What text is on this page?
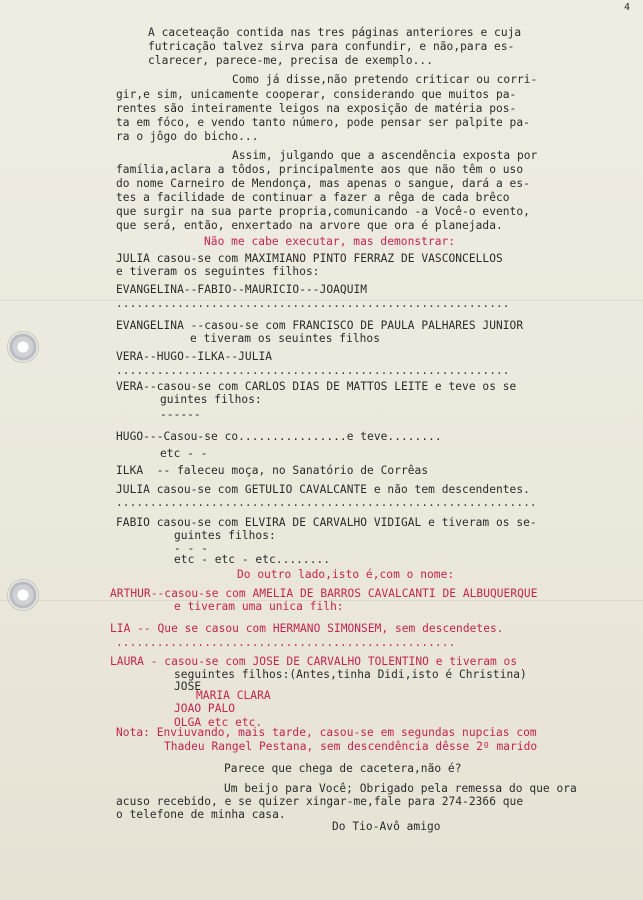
4
A caceteação contida nas tres páginas anteriores e cuja
futricação talvez sirva para confundir, e não,para es-
clarecer, parece-me, precisa de exemplo...
Como já disse,não pretendo criticar ou corri-
gir,e sim, unicamente cooperar, considerando que muitos pa-
rentes são inteiramente leigos na exposição de matéria pos-
ta em fóco, e vendo tanto número, pode pensar ser palpite pa-
ra o jôgo do bicho...
Assim, julgando que a ascendência exposta por
família,aclara a tôdos, principalmente aos que não têm o uso
do nome Carneiro de Mendonça, mas apenas o sangue, dará a es-
tes a facilidade de continuar a fazer a rêga de cada brêco
que surgir na sua parte propria,comunicando -a Você-o evento,
que será, então, enxertado na arvore que ora é planejada.
Não me cabe executar, mas demonstrar:
JULIA casou-se com MAXIMIANO PINTO FERRAZ DE VASCONCELLOS
e tiveram os seguintes filhos:
EVANGELINA--FABIO--MAURICIO---JOAQUIM
..........................................................
EVANGELINA --casou-se com FRANCISCO DE PAULA PALHARES JUNIOR
e tiveram os seuintes filhos
VERA--HUGO--ILKA--JULIA
..........................................................
VERA--casou-se com CARLOS DIAS DE MATTOS LEITE e teve os se
guintes filhos:
------
HUGO---Casou-se co................e teve........
etc - -
ILKA  -- faleceu moça, no Sanatório de Corrêas
JULIA casou-se com GETULIO CAVALCANTE e não tem descendentes.
..............................................................
FABIO casou-se com ELVIRA DE CARVALHO VIDIGAL e tiveram os se-
guintes filhos:
- - -
etc - etc - etc........
Do outro lado,isto é,com o nome:
ARTHUR--casou-se com AMELIA DE BARROS CAVALCANTI DE ALBUQUERQUE
e tiveram uma unica filh:
LIA -- Que se casou com HERMANO SIMONSEM, sem descendetes.
..................................................
LAURA - casou-se com JOSE DE CARVALHO TOLENTINO e tiveram os
seguintes filhos:(Antes,tinha Didi,isto é Christina)
JOSE
MARIA CLARA
JOAO PALO
OLGA etc etc.
Nota: Enviuvando, mais tarde, casou-se em segundas nupcias com
Thadeu Rangel Pestana, sem descendência dêsse 2º marido
Parece que chega de cacetera,não é?
Um beijo para Você; Obrigado pela remessa do que ora
acuso recebido, e se quizer xingar-me,fale para 274-2366 que
o telefone de minha casa.
Do Tio-Avô amigo
